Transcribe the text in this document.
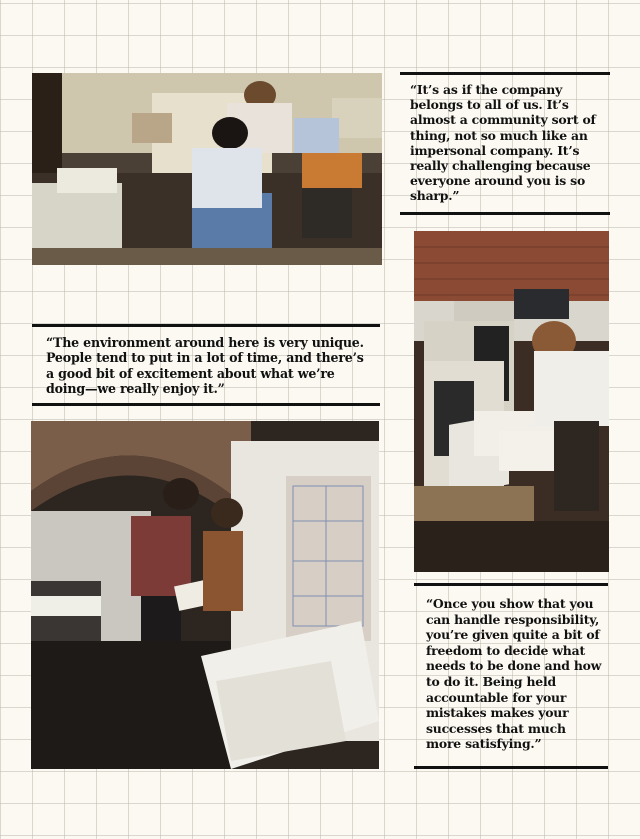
“It’s as if the company belongs to all of us. It’s almost a community sort of thing, not so much like an impersonal company. It’s really challenging because everyone around you is so sharp.”

“The environment around here is very unique. People tend to put in a lot of time, and there’s a good bit of excitement about what we’re doing—we really enjoy it.”

“Once you show that you can handle responsibility, you’re given quite a bit of freedom to decide what needs to be done and how to do it. Being held accountable for your mistakes makes your successes that much more satisfying.”
